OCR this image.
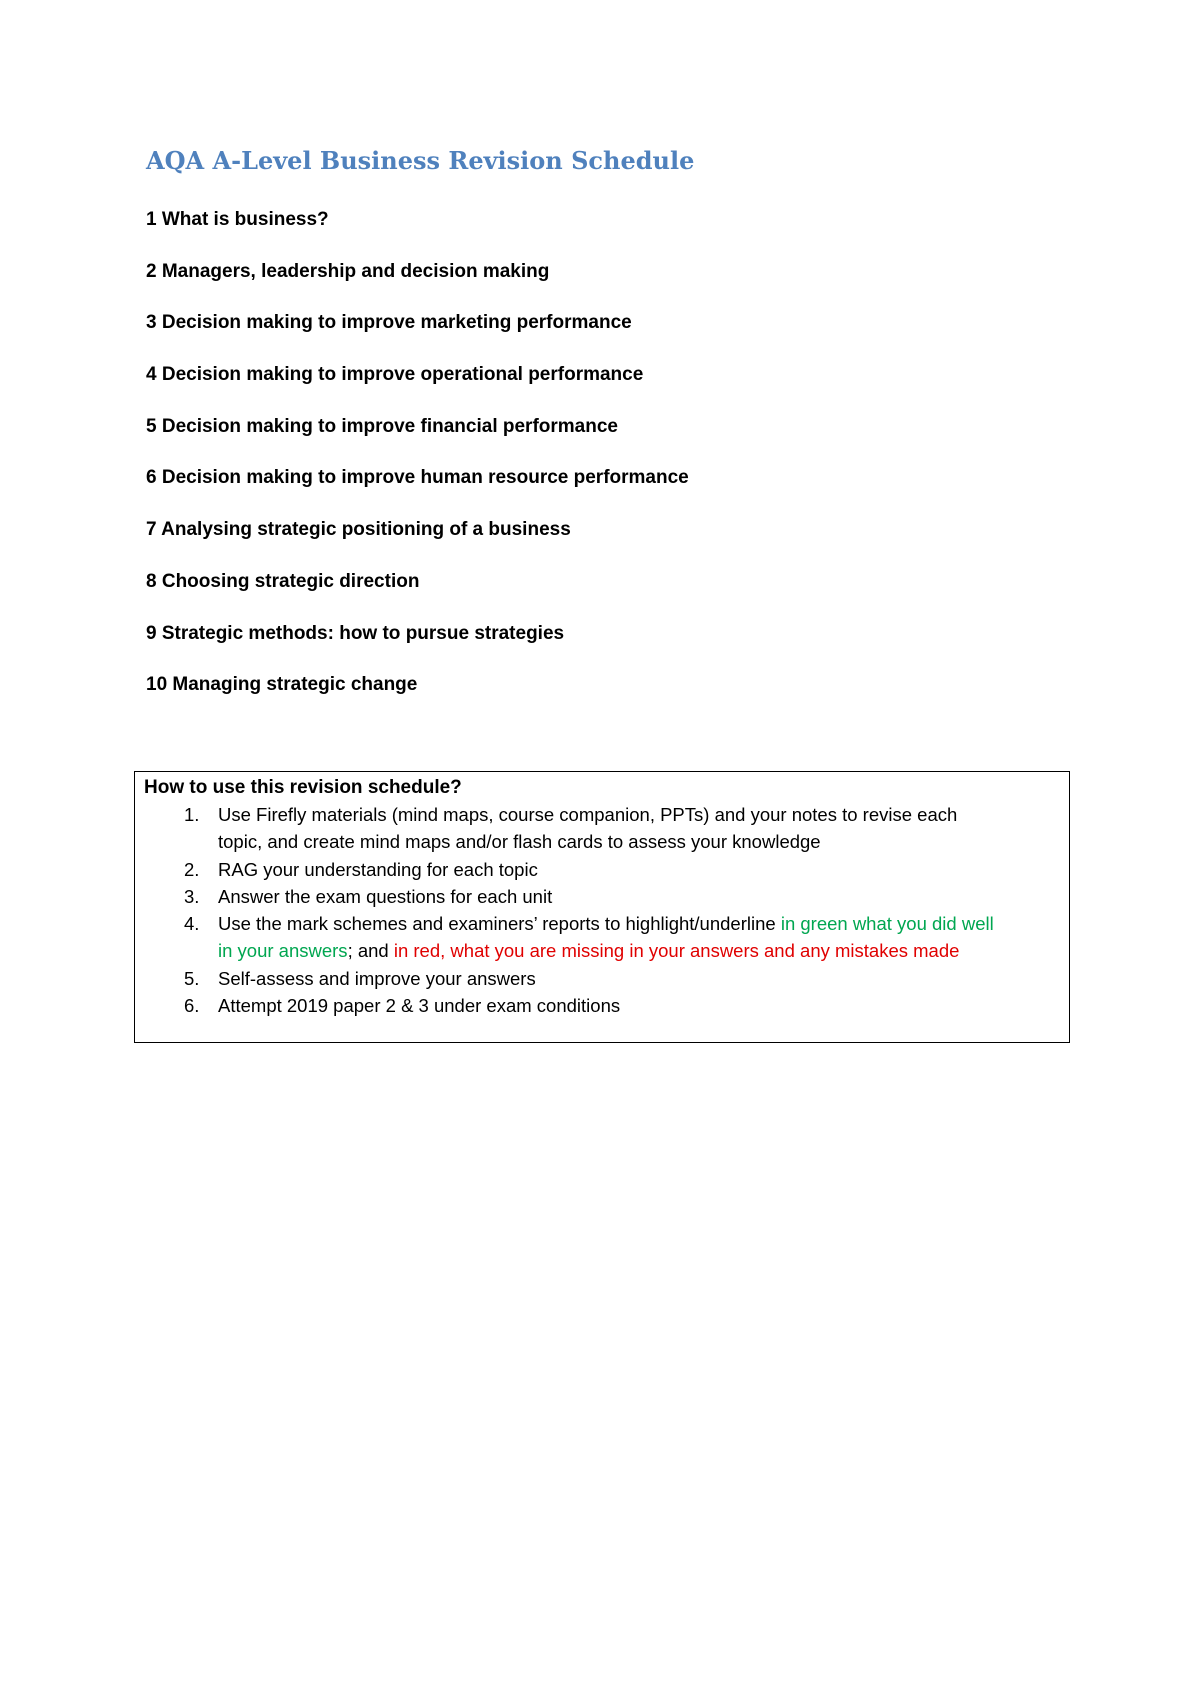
AQA A-Level Business Revision Schedule
1 What is business?
2 Managers, leadership and decision making
3 Decision making to improve marketing performance
4 Decision making to improve operational performance
5 Decision making to improve financial performance
6 Decision making to improve human resource performance
7 Analysing strategic positioning of a business
8 Choosing strategic direction
9 Strategic methods: how to pursue strategies
10 Managing strategic change
How to use this revision schedule?
1. Use Firefly materials (mind maps, course companion, PPTs) and your notes to revise each topic, and create mind maps and/or flash cards to assess your knowledge
2. RAG your understanding for each topic
3. Answer the exam questions for each unit
4. Use the mark schemes and examiners’ reports to highlight/underline in green what you did well in your answers; and in red, what you are missing in your answers and any mistakes made
5. Self-assess and improve your answers
6. Attempt 2019 paper 2 & 3 under exam conditions
